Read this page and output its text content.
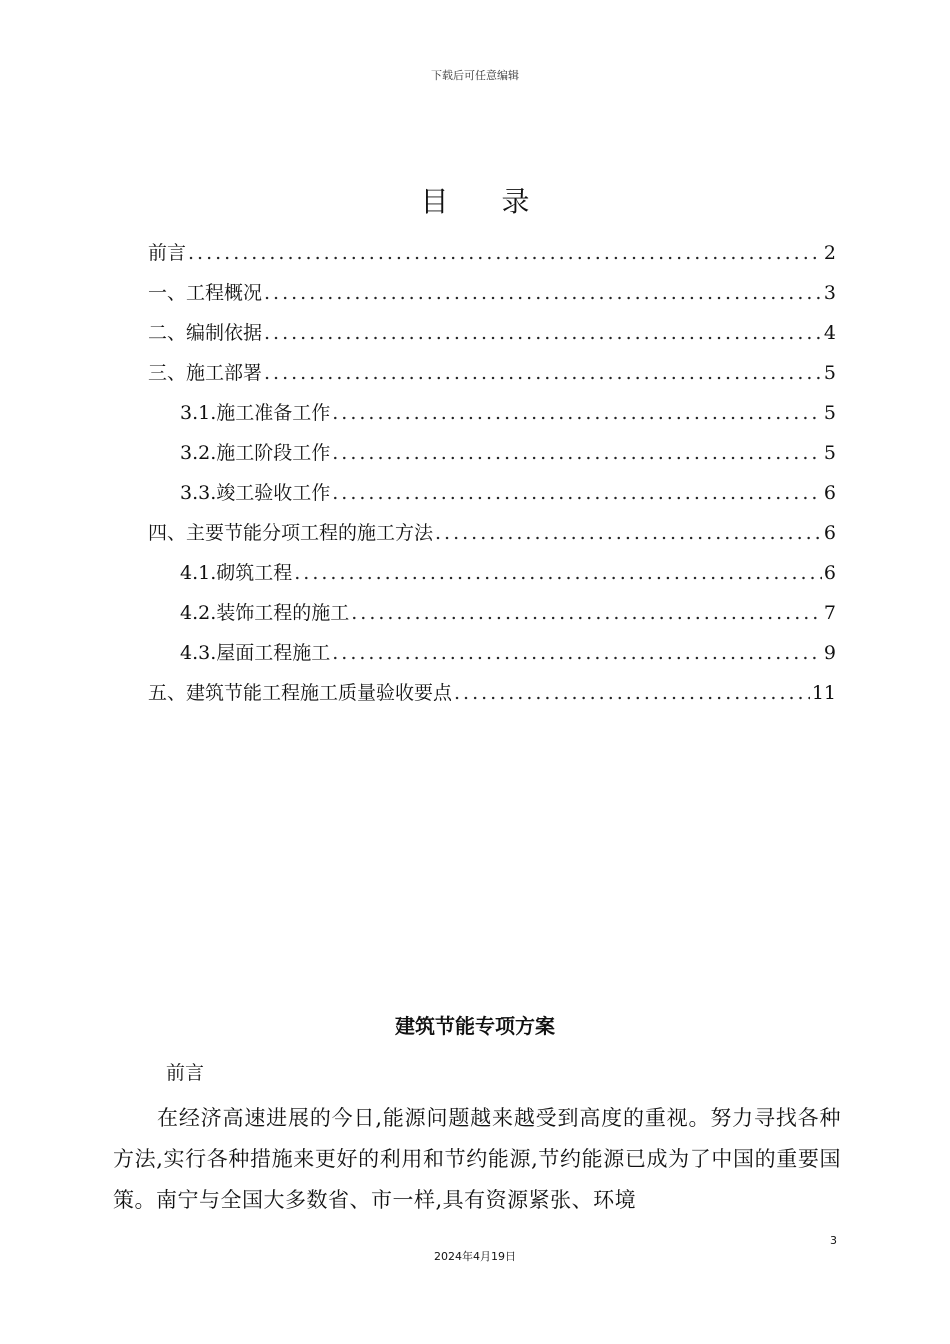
下载后可任意编辑
目 录
前言 .....	2
一、工程概况 .....	3
二、编制依据 .....	4
三、施工部署 .....	5
3.1.施工准备工作 .....	5
3.2.施工阶段工作 .....	5
3.3.竣工验收工作 .....	6
四、主要节能分项工程的施工方法 .....	6
4.1.砌筑工程 .....	6
4.2.装饰工程的施工 .....	7
4.3.屋面工程施工 .....	9
五、建筑节能工程施工质量验收要点 .....	11
建筑节能专项方案
前言
在经济高速进展的今日,能源问题越来越受到高度的重视。努力寻找各种方法,实行各种措施来更好的利用和节约能源,节约能源已成为了中国的重要国策。南宁与全国大多数省、市一样,具有资源紧张、环境
3
2024年4月19日
